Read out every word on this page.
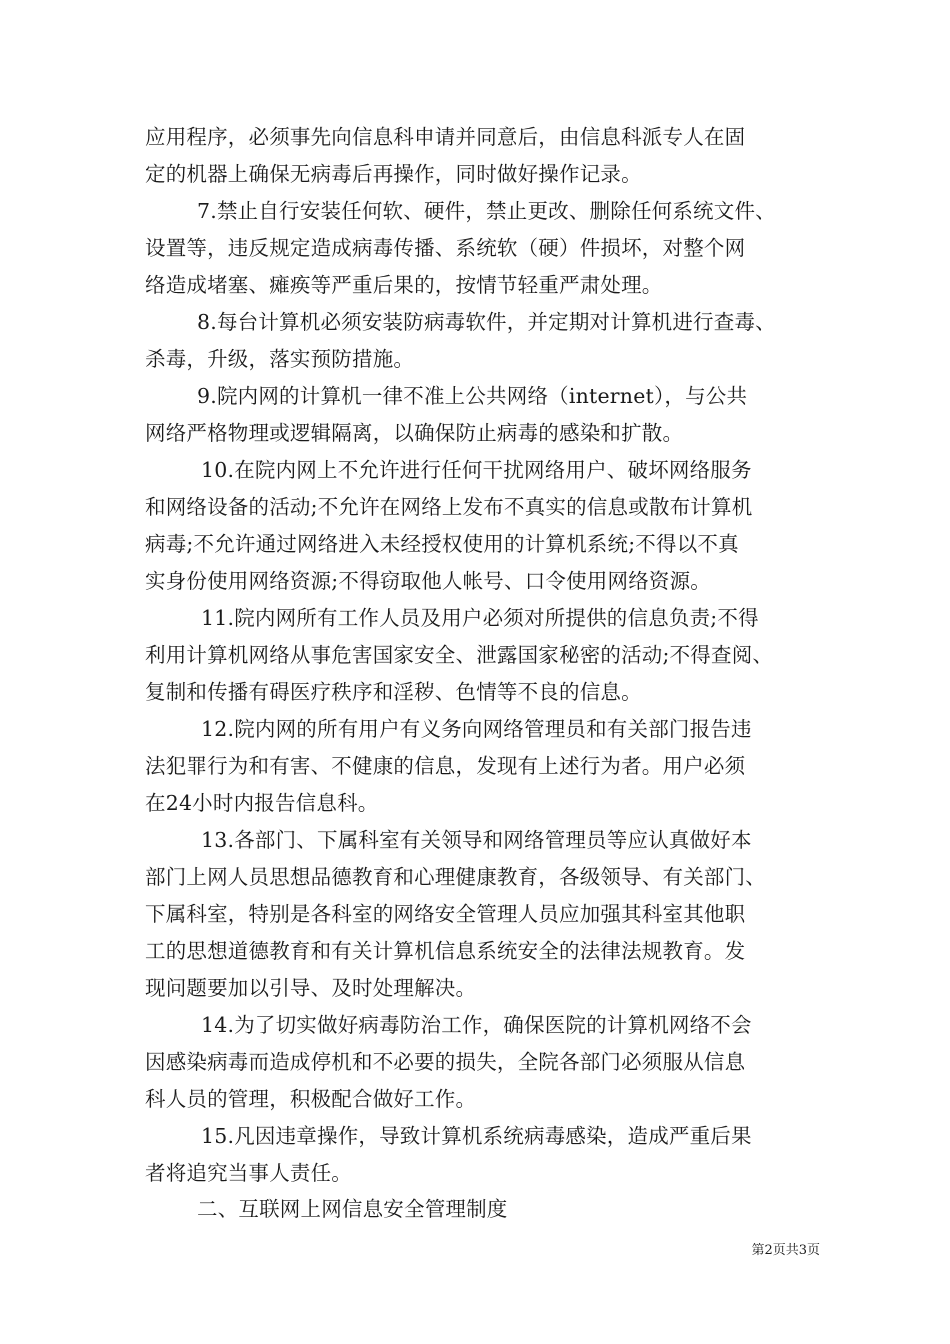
应用程序，必须事先向信息科申请并同意后，由信息科派专人在固
定的机器上确保无病毒后再操作，同时做好操作记录。
7.禁止自行安装任何软、硬件，禁止更改、删除任何系统文件、
设置等，违反规定造成病毒传播、系统软（硬）件损坏，对整个网
络造成堵塞、瘫痪等严重后果的，按情节轻重严肃处理。
8.每台计算机必须安装防病毒软件，并定期对计算机进行查毒、
杀毒，升级，落实预防措施。
9.院内网的计算机一律不准上公共网络（internet），与公共
网络严格物理或逻辑隔离，以确保防止病毒的感染和扩散。
10.在院内网上不允许进行任何干扰网络用户、破坏网络服务
和网络设备的活动;不允许在网络上发布不真实的信息或散布计算机
病毒;不允许通过网络进入未经授权使用的计算机系统;不得以不真
实身份使用网络资源;不得窃取他人帐号、口令使用网络资源。
11.院内网所有工作人员及用户必须对所提供的信息负责;不得
利用计算机网络从事危害国家安全、泄露国家秘密的活动;不得查阅、
复制和传播有碍医疗秩序和淫秽、色情等不良的信息。
12.院内网的所有用户有义务向网络管理员和有关部门报告违
法犯罪行为和有害、不健康的信息，发现有上述行为者。用户必须
在24小时内报告信息科。
13.各部门、下属科室有关领导和网络管理员等应认真做好本
部门上网人员思想品德教育和心理健康教育，各级领导、有关部门、
下属科室，特别是各科室的网络安全管理人员应加强其科室其他职
工的思想道德教育和有关计算机信息系统安全的法律法规教育。发
现问题要加以引导、及时处理解决。
14.为了切实做好病毒防治工作，确保医院的计算机网络不会
因感染病毒而造成停机和不必要的损失，全院各部门必须服从信息
科人员的管理，积极配合做好工作。
15.凡因违章操作，导致计算机系统病毒感染，造成严重后果
者将追究当事人责任。
二、互联网上网信息安全管理制度
第2页共3页
